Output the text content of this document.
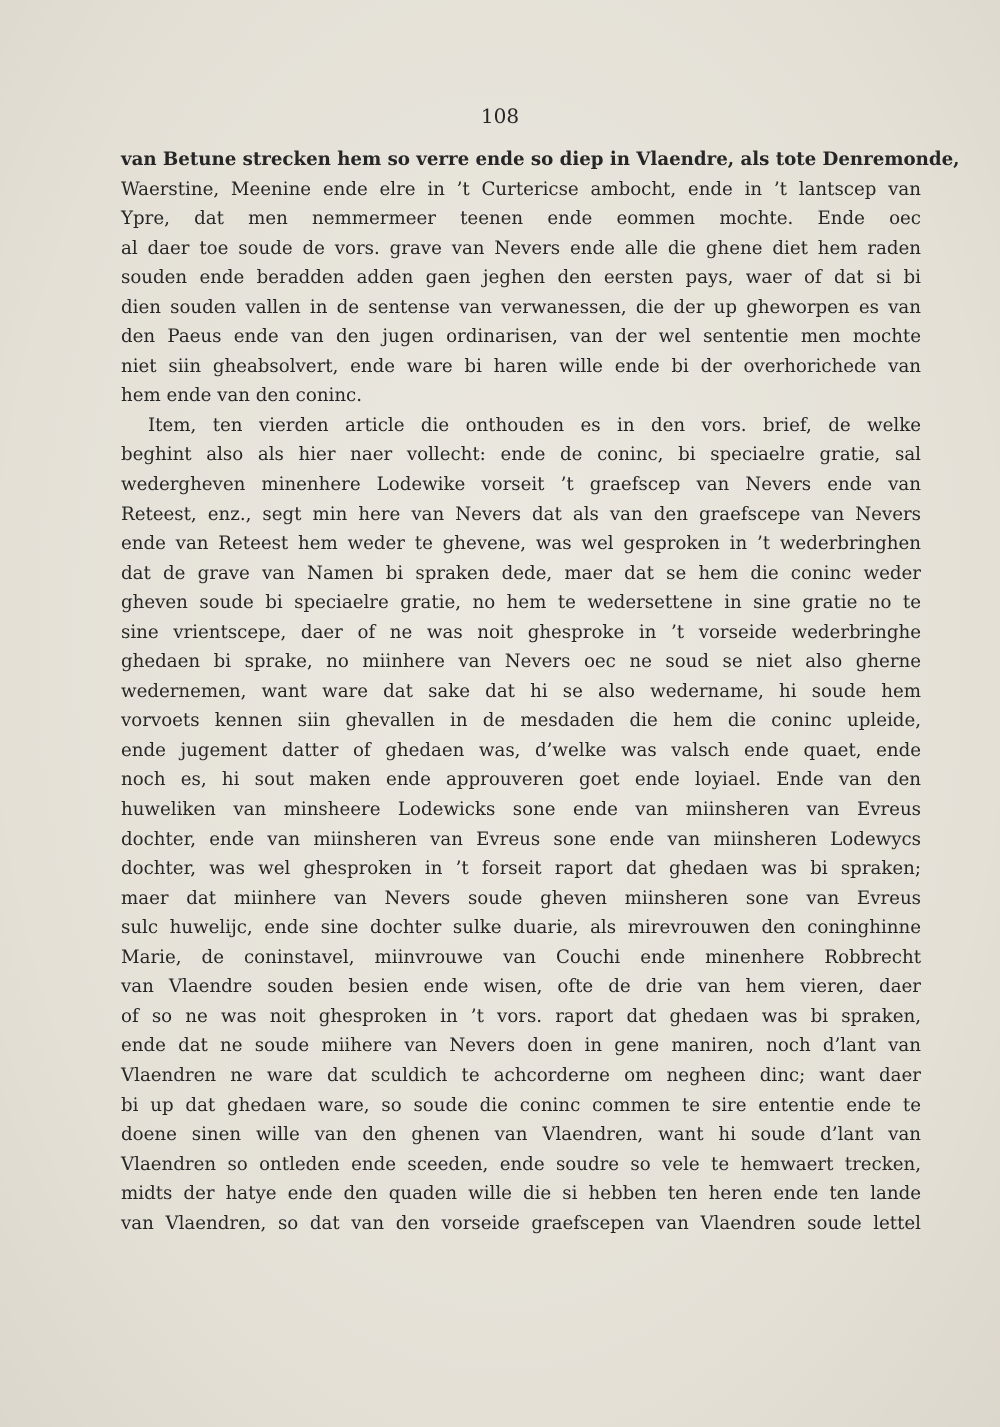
108
van Betune strecken hem so verre ende so diep in Vlaendre, als tote Denremonde,
Waerstine, Meenine ende elre in ’t Curtericse ambocht, ende in ’t lantscep van
Ypre, dat men nemmermeer teenen ende eommen mochte. Ende oec
al daer toe soude de vors. grave van Nevers ende alle die ghene diet hem raden
souden ende beradden adden gaen jeghen den eersten pays, waer of dat si bi
dien souden vallen in de sentense van verwanessen, die der up gheworpen es van
den Paeus ende van den jugen ordinarisen, van der wel sententie men mochte
niet siin gheabsolvert, ende ware bi haren wille ende bi der overhorichede van
hem ende van den coninc.
Item, ten vierden article die onthouden es in den vors. brief, de welke
beghint also als hier naer vollecht: ende de coninc, bi speciaelre gratie, sal
wedergheven minenhere Lodewike vorseit ’t graefscep van Nevers ende van
Reteest, enz., segt min here van Nevers dat als van den graefscepe van Nevers
ende van Reteest hem weder te ghevene, was wel gesproken in ’t wederbringhen
dat de grave van Namen bi spraken dede, maer dat se hem die coninc weder
gheven soude bi speciaelre gratie, no hem te wedersettene in sine gratie no te
sine vrientscepe, daer of ne was noit ghesproke in ’t vorseide wederbringhe
ghedaen bi sprake, no miinhere van Nevers oec ne soud se niet also gherne
wedernemen, want ware dat sake dat hi se also wedername, hi soude hem
vorvoets kennen siin ghevallen in de mesdaden die hem die coninc upleide,
ende jugement datter of ghedaen was, d’welke was valsch ende quaet, ende
noch es, hi sout maken ende approuveren goet ende loyiael. Ende van den
huweliken van minsheere Lodewicks sone ende van miinsheren van Evreus
dochter, ende van miinsheren van Evreus sone ende van miinsheren Lodewycs
dochter, was wel ghesproken in ’t forseit raport dat ghedaen was bi spraken;
maer dat miinhere van Nevers soude gheven miinsheren sone van Evreus
sulc huwelijc, ende sine dochter sulke duarie, als mirevrouwen den coninghinne
Marie, de coninstavel, miinvrouwe van Couchi ende minenhere Robbrecht
van Vlaendre souden besien ende wisen, ofte de drie van hem vieren, daer
of so ne was noit ghesproken in ’t vors. raport dat ghedaen was bi spraken,
ende dat ne soude miihere van Nevers doen in gene maniren, noch d’lant van
Vlaendren ne ware dat sculdich te achcorderne om negheen dinc; want daer
bi up dat ghedaen ware, so soude die coninc commen te sire ententie ende te
doene sinen wille van den ghenen van Vlaendren, want hi soude d’lant van
Vlaendren so ontleden ende sceeden, ende soudre so vele te hemwaert trecken,
midts der hatye ende den quaden wille die si hebben ten heren ende ten lande
van Vlaendren, so dat van den vorseide graefscepen van Vlaendren soude lettel
